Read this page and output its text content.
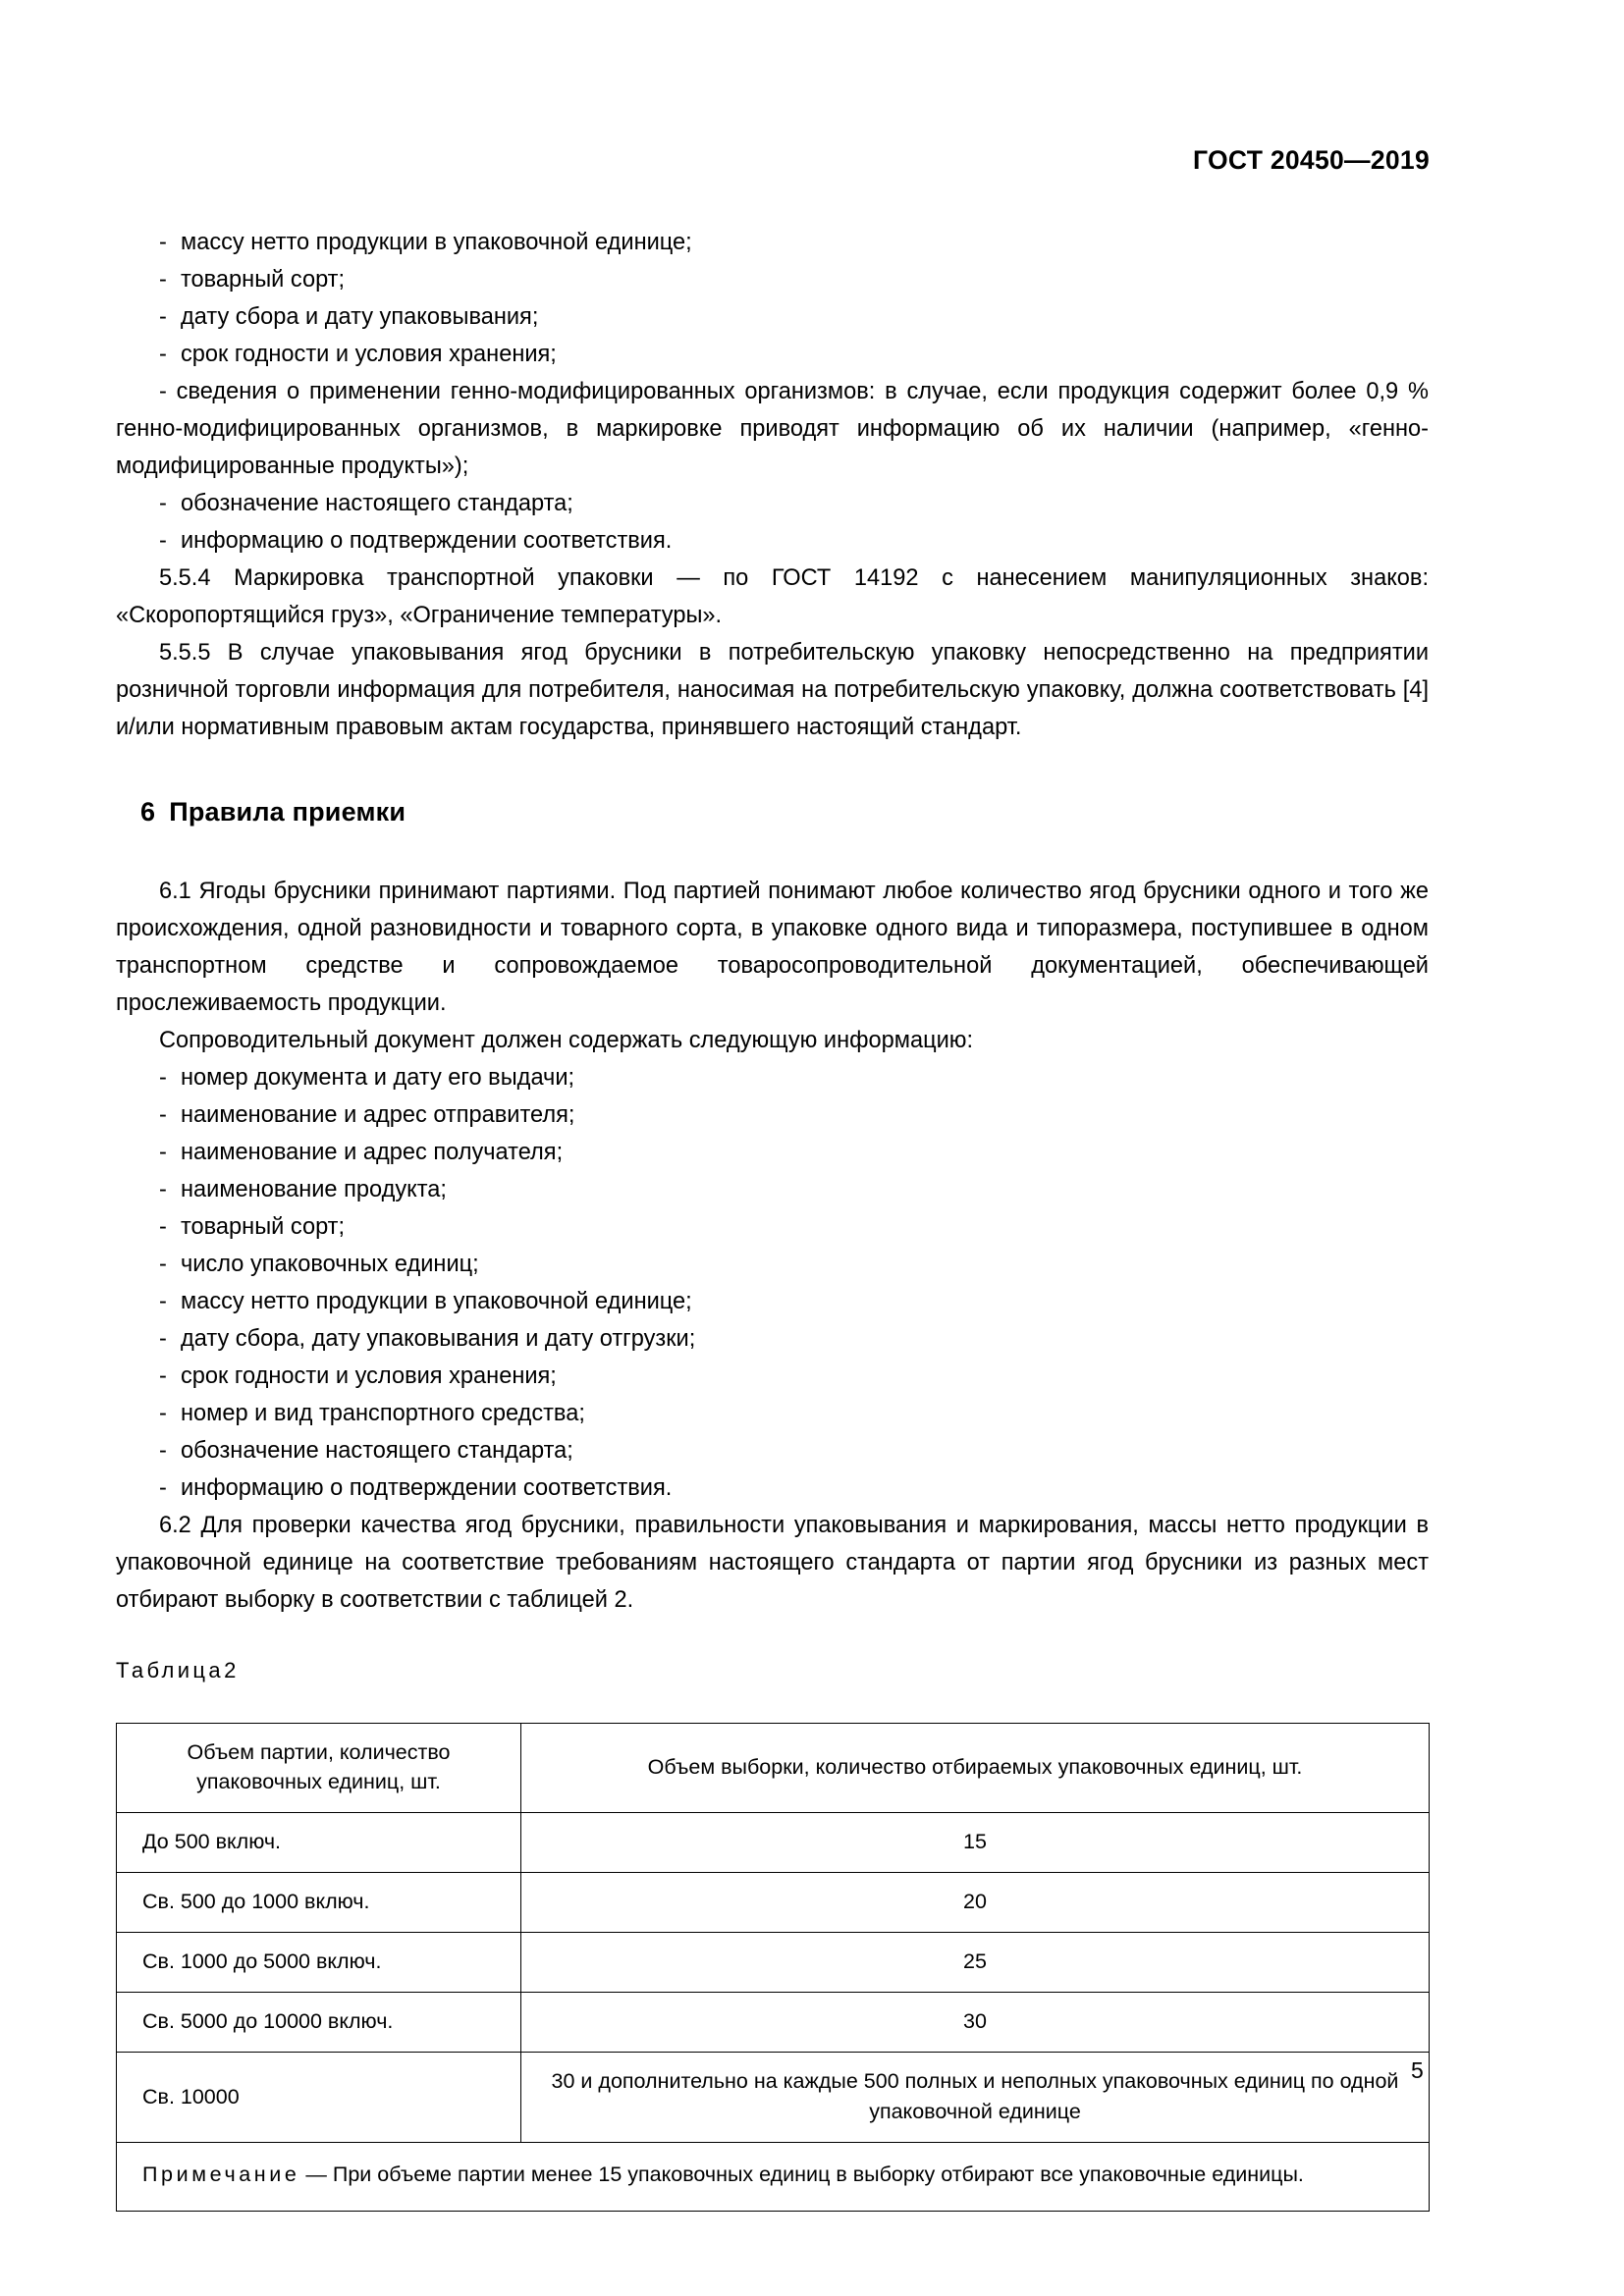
ГОСТ 20450—2019
- массу нетто продукции в упаковочной единице;
- товарный сорт;
- дату сбора и дату упаковывания;
- срок годности и условия хранения;

- сведения о применении генно-модифицированных организмов: в случае, если продукция содержит более 0,9 % генно-модифицированных организмов, в маркировке приводят информацию об их наличии (например, «генно-модифицированные продукты»);

- обозначение настоящего стандарта;
- информацию о подтверждении соответствия.

5.5.4 Маркировка транспортной упаковки — по ГОСТ 14192 с нанесением манипуляционных знаков: «Скоропортящийся груз», «Ограничение температуры».

5.5.5 В случае упаковывания ягод брусники в потребительскую упаковку непосредственно на предприятии розничной торговли информация для потребителя, наносимая на потребительскую упаковку, должна соответствовать [4] и/или нормативным правовым актам государства, принявшего настоящий стандарт.

6 Правила приемки

6.1 Ягоды брусники принимают партиями. Под партией понимают любое количество ягод брусники одного и того же происхождения, одной разновидности и товарного сорта, в упаковке одного вида и типоразмера, поступившее в одном транспортном средстве и сопровождаемое товаросопроводительной документацией, обеспечивающей прослеживаемость продукции.

Сопроводительный документ должен содержать следующую информацию:

- номер документа и дату его выдачи;
- наименование и адрес отправителя;
- наименование и адрес получателя;
- наименование продукта;
- товарный сорт;
- число упаковочных единиц;
- массу нетто продукции в упаковочной единице;
- дату сбора, дату упаковывания и дату отгрузки;
- срок годности и условия хранения;
- номер и вид транспортного средства;
- обозначение настоящего стандарта;
- информацию о подтверждении соответствия.

6.2 Для проверки качества ягод брусники, правильности упаковывания и маркирования, массы нетто продукции в упаковочной единице на соответствие требованиям настоящего стандарта от партии ягод брусники из разных мест отбирают выборку в соответствии с таблицей 2.

Таблица2

Объем партии, количество упаковочных единиц, шт.	Объем выборки, количество отбираемых упаковочных единиц, шт.
До 500 включ.	15
Св. 500 до 1000 включ.	20
Св. 1000 до 5000 включ.	25
Св. 5000 до 10000 включ.	30
Св. 10000	30 и дополнительно на каждые 500 полных и неполных упаковочных единиц по одной упаковочной единице
Примечание — При объеме партии менее 15 упаковочных единиц в выборку отбирают все упаковочные единицы.	
5
